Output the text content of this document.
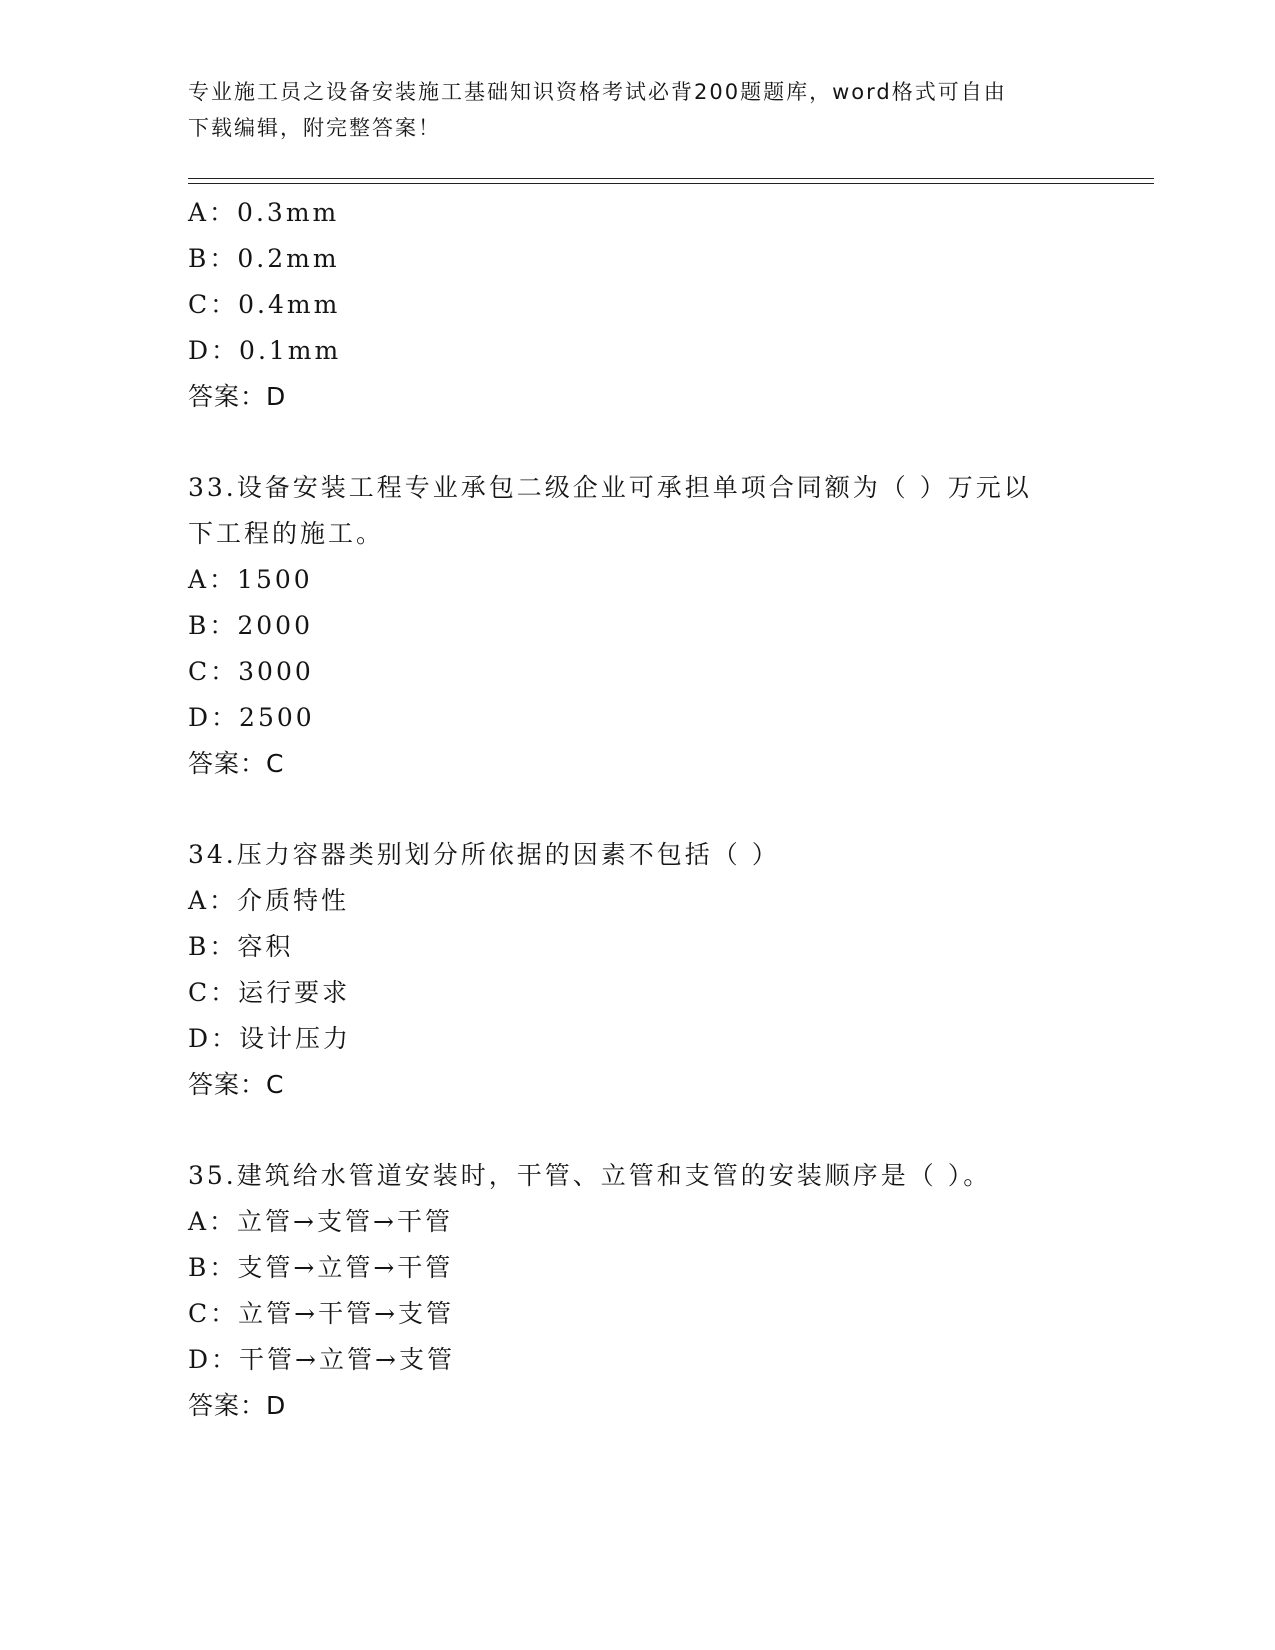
专业施工员之设备安装施工基础知识资格考试必背200题题库，word格式可自由
下载编辑，附完整答案！
A：0.3mm
B：0.2mm
C：0.4mm
D：0.1mm
答案：D
33.设备安装工程专业承包二级企业可承担单项合同额为（ ）万元以
下工程的施工。
A：1500
B：2000
C：3000
D：2500
答案：C
34.压力容器类别划分所依据的因素不包括（ ）
A：介质特性
B：容积
C：运行要求
D：设计压力
答案：C
35.建筑给水管道安装时，干管、立管和支管的安装顺序是（ ）。
A：立管→支管→干管
B：支管→立管→干管
C：立管→干管→支管
D：干管→立管→支管
答案：D
